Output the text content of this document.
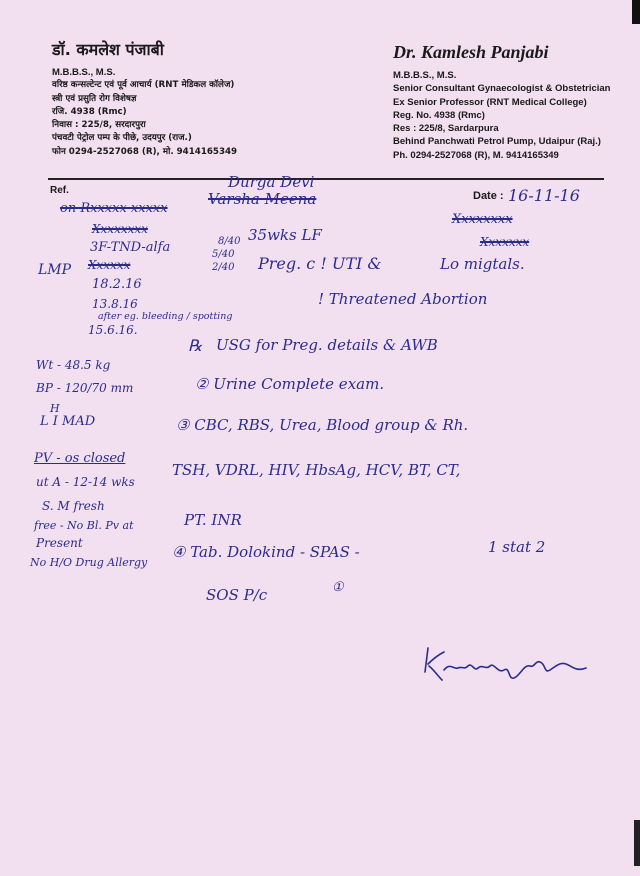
डॉ. कमलेश पंजाबी

M.B.B.S., M.S.

वरिष्ठ कन्सल्टेन्ट एवं पूर्व आचार्य (RNT मेडिकल कॉलेज)

स्त्री एवं प्रसुति रोग विशेषज्ञ

रजि. 4938 (Rmc)

निवास : 225/8, सरदारपुरा

पंचवटी पेट्रोल पम्प के पीछे, उदयपुर (राज.)

फोन 0294-2527068 (R), मो. 9414165349

Dr. Kamlesh Panjabi

M.B.B.S., M.S.

Senior Consultant Gynaecologist & Obstetrician

Ex Senior Professor (RNT Medical College)

Reg. No. 4938 (Rmc)

Res : 225/8, Sardarpura

Behind Panchwati Petrol Pump, Udaipur (Raj.)

Ph. 0294-2527068 (R), M. 9414165349

Ref.	Date :
Durga Devi
Varsha Meena	16-11-16
on Rxxxxx xxxxx
Xxxxxxxx
3F-TND-alfa	8/40
5/40
2/40
35wks LF
Preg. c ! UTI &
Xxxxxxxx
Xxxxxxx
Lo migtals.
LMP Xxxxxx
18.2.16
13.8.16
after eg. bleeding / spotting
15.6.16.
! Threatened Abortion
℞ USG for Preg. details & AWB
Wt - 48.5 kg
BP - 120/70 mm	② Urine Complete exam.
H
L I MAD	③ CBC, RBS, Urea, Blood group & Rh.
PV - os closed
ut A - 12-14 wks
S. M fresh
TSH, VDRL, HIV, HbsAg, HCV, BT, CT,
free - No Bl. Pv at
Present
PT. INR
No H/O Drug Allergy
④ Tab. Dolokind - SPAS -	1 stat 2
SOS P/c	①
